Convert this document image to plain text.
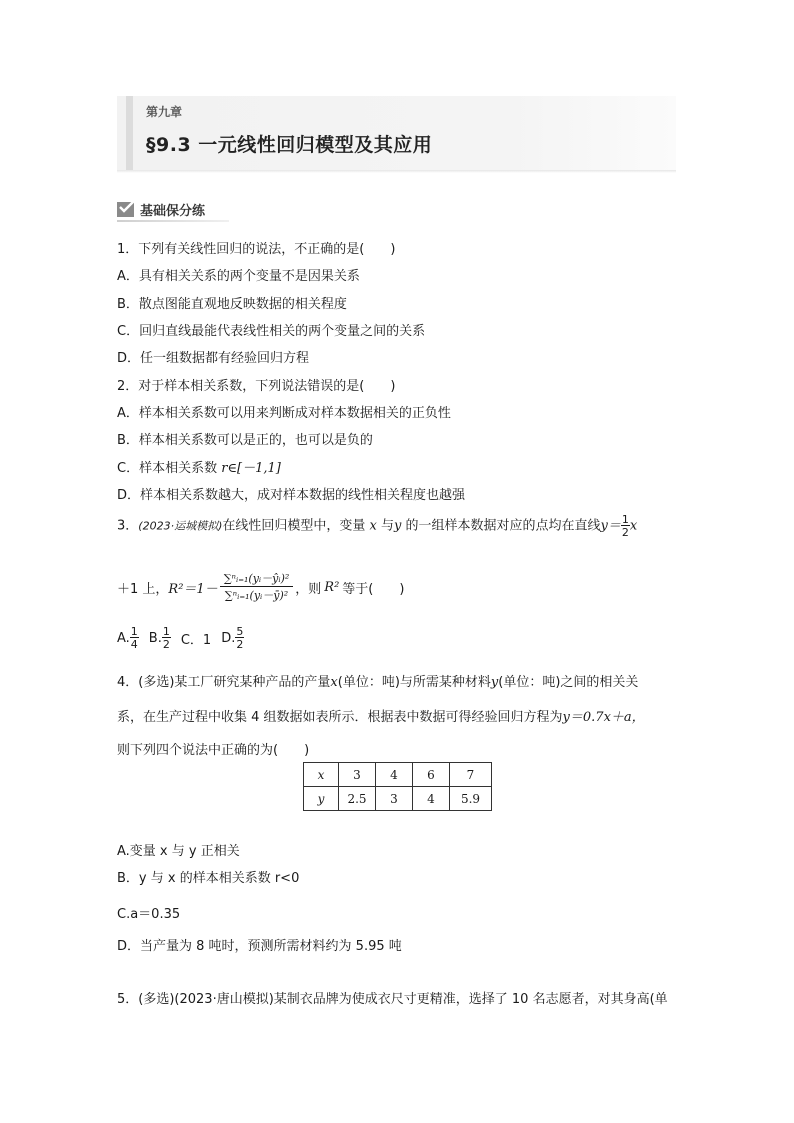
第九章
§9.3 一元线性回归模型及其应用
基础保分练
1．下列有关线性回归的说法，不正确的是(　　)
A．具有相关关系的两个变量不是因果关系
B．散点图能直观地反映数据的相关程度
C．回归直线最能代表线性相关的两个变量之间的关系
D．任一组数据都有经验回归方程
2．对于样本相关系数，下列说法错误的是(　　)
A．样本相关系数可以用来判断成对样本数据相关的正负性
B．样本相关系数可以是正的，也可以是负的
C．样本相关系数 r∈[－1,1]
D．样本相关系数越大，成对样本数据的线性相关程度也越强
3．(2023·运城模拟)在线性回归模型中，变量 x 与y 的一组样本数据对应的点均在直线$y= \frac{1}{2}$ x
＋1 上， $R^2=1- \frac{\text{∑ⁿᵢ₌₁(yᵢ－ŷᵢ)²}}{\text{∑ⁿᵢ₌₁(yᵢ－ȳ)²}}$ ，则 R² 等于(　　)
A. $\frac{1}{4} B$. $\frac{1}{2}$ C．1 D. $\frac{5}{2}$
4．(多选)某工厂研究某种产品的产量x(单位：吨)与所需某种材料y(单位：吨)之间的相关关
系，在生产过程中收集 4 组数据如表所示．根据表中数据可得经验回归方程为y＝0.7x＋a，
则下列四个说法中正确的为(　　)
x	3	4	6	7
y	2.5	3	4	5.9
A.变量 x 与 y 正相关
B．y 与 x 的样本相关系数 r<0
C.a＝0.35
D．当产量为 8 吨时，预测所需材料约为 5.95 吨
5．(多选)(2023·唐山模拟)某制衣品牌为使成衣尺寸更精准，选择了 10 名志愿者，对其身高(单
